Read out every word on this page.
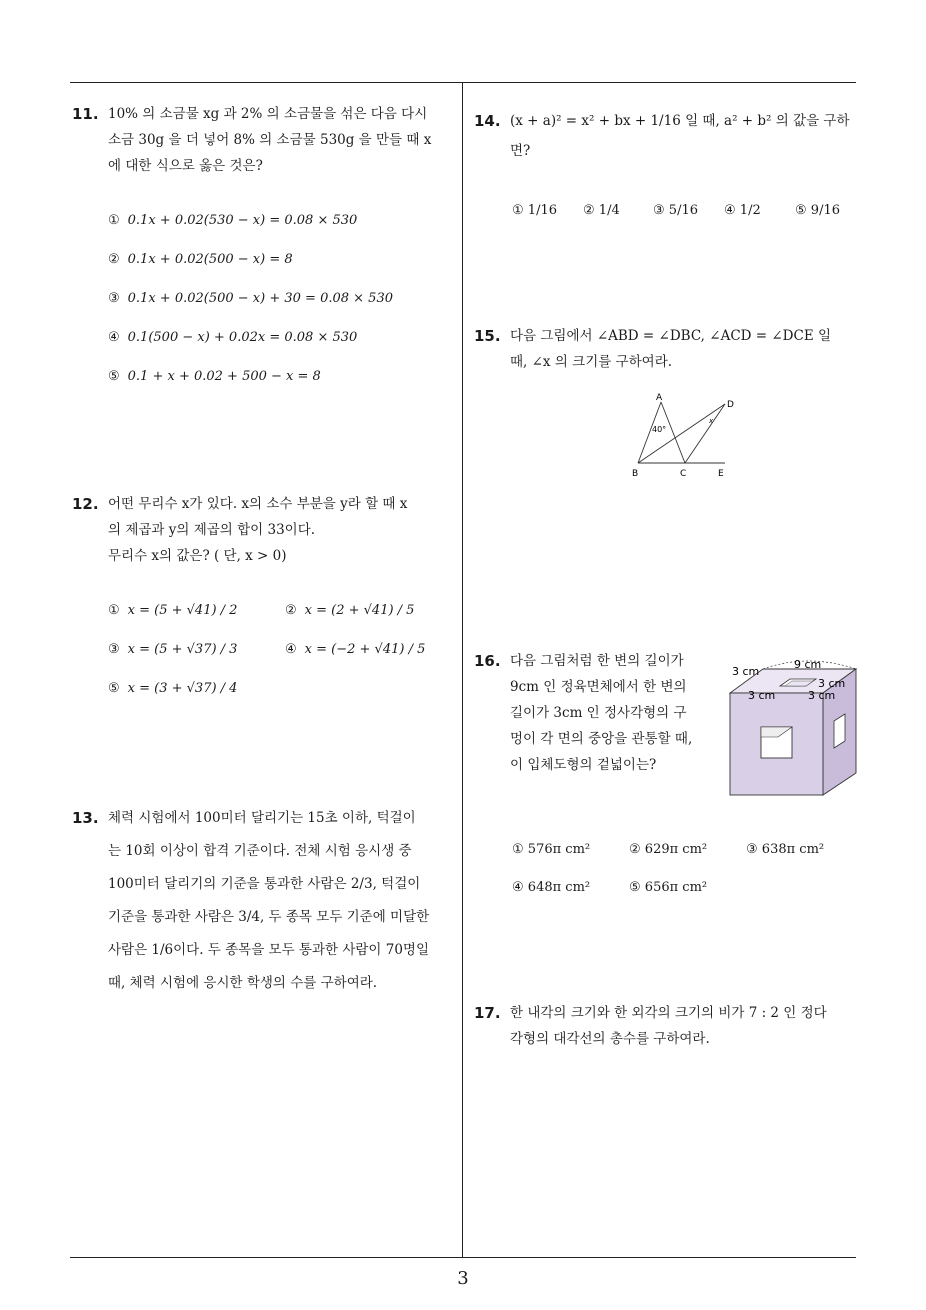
3
11. 10% 의 소금물 xg 과 2% 의 소금물을 섞은 다음 다시
소금 30g 을 더 넣어 8% 의 소금물 530g 을 만들 때 x
에 대한 식으로 옳은 것은?
① 0.1x + 0.02(530 − x) = 0.08 × 530
② 0.1x + 0.02(500 − x) = 8
③ 0.1x + 0.02(500 − x) + 30 = 0.08 × 530
④ 0.1(500 − x) + 0.02x = 0.08 × 530
⑤ 0.1 + x + 0.02 + 500 − x = 8
12. 어떤 무리수 x가 있다. x의 소수 부분을 y라 할 때 x
의 제곱과 y의 제곱의 합이 33이다.
무리수 x의 값은? ( 단, x > 0)
① x = (5 + √41) / 2	② x = (2 + √41) / 5
③ x = (5 + √37) / 3	④ x = (−2 + √41) / 5
⑤ x = (3 + √37) / 4
13. 체력 시험에서 100미터 달리기는 15초 이하, 턱걸이
는 10회 이상이 합격 기준이다. 전체 시험 응시생 중
100미터 달리기의 기준을 통과한 사람은 2/3, 턱걸이
기준을 통과한 사람은 3/4, 두 종목 모두 기준에 미달한
사람은 1/6이다. 두 종목을 모두 통과한 사람이 70명일
때, 체력 시험에 응시한 학생의 수를 구하여라.
14. (x + a)² = x² + bx + 1/16 일 때, a² + b² 의 값을 구하
면?
① 1/16 ② 1/4	③ 5/16 ④ 1/2	⑤ 9/16
15. 다음 그림에서 ∠ABD = ∠DBC, ∠ACD = ∠DCE 일
때, ∠x 의 크기를 구하여라.
A
B	C
D
E
40°
x
16. 다음 그림처럼 한 변의 길이가
9cm 인 정육면체에서 한 변의
길이가 3cm 인 정사각형의 구
멍이 각 면의 중앙을 관통할 때,
이 입체도형의 겉넓이는?
9 cm
3 cm
3 cm	3 cm
3 cm
① 576π cm²	② 629π cm²	③ 638π cm²
④ 648π cm²	⑤ 656π cm²
17. 한 내각의 크기와 한 외각의 크기의 비가 7 : 2 인 정다
각형의 대각선의 총수를 구하여라.
